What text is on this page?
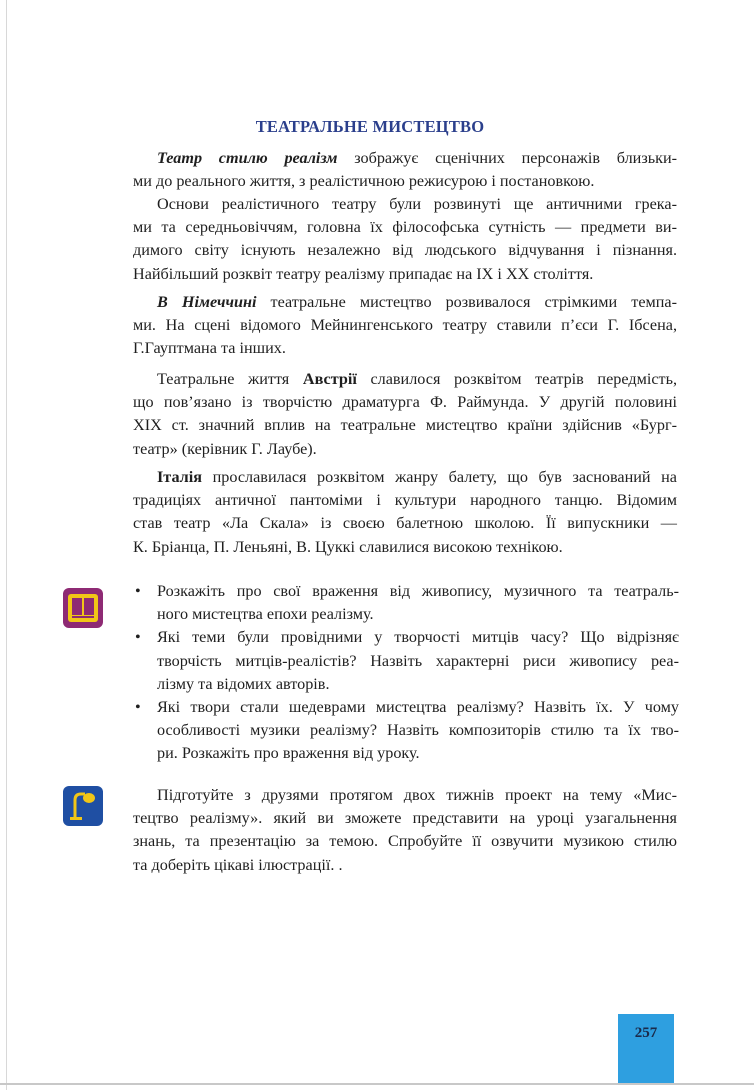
ТЕАТРАЛЬНЕ МИСТЕЦТВО
Театр стилю реалізм зображує сценічних персонажів близьки-
ми до реального життя, з реалістичною режисурою і постановкою.
Основи реалістичного театру були розвинуті ще античними грека-
ми та середньовіччям, головна їх філософська сутність — предмети ви-
димого світу існують незалежно від людського відчування і пізнання.
Найбільший розквіт театру реалізму припадає на ІХ і ХХ століття.
В Німеччині театральне мистецтво розвивалося стрімкими темпа-
ми. На сцені відомого Мейнингенського театру ставили п’єси Г. Ібсена,
Г.Гауптмана та інших.
Театральне життя Австрії славилося розквітом театрів передмість,
що пов’язано із творчістю драматурга Ф. Раймунда. У другій половині
ХІХ ст. значний вплив на театральне мистецтво країни здійснив «Бург-
театр» (керівник Г. Лаубе).
Італія прославилася розквітом жанру балету, що був заснований на
традиціях античної пантоміми і культури народного танцю. Відомим
став театр «Ла Скала» із своєю балетною школою. Її випускники —
К. Бріанца, П. Леньяні, В. Цуккі славилися високою технікою.
• Розкажіть про свої враження від живопису, музичного та театраль-
ного мистецтва епохи реалізму.
• Які теми були провідними у творчості митців часу? Що відрізняє
творчість митців-реалістів? Назвіть характерні риси живопису реа-
лізму та відомих авторів.
• Які твори стали шедеврами мистецтва реалізму? Назвіть їх. У чому
особливості музики реалізму? Назвіть композиторів стилю та їх тво-
ри. Розкажіть про враження від уроку.
Підготуйте з друзями протягом двох тижнів проект на тему «Мис-
тецтво реалізму». який ви зможете представити на уроці узагальнення
знань, та презентацію за темою. Спробуйте її озвучити музикою стилю
та доберіть цікаві ілюстрації. .
257
